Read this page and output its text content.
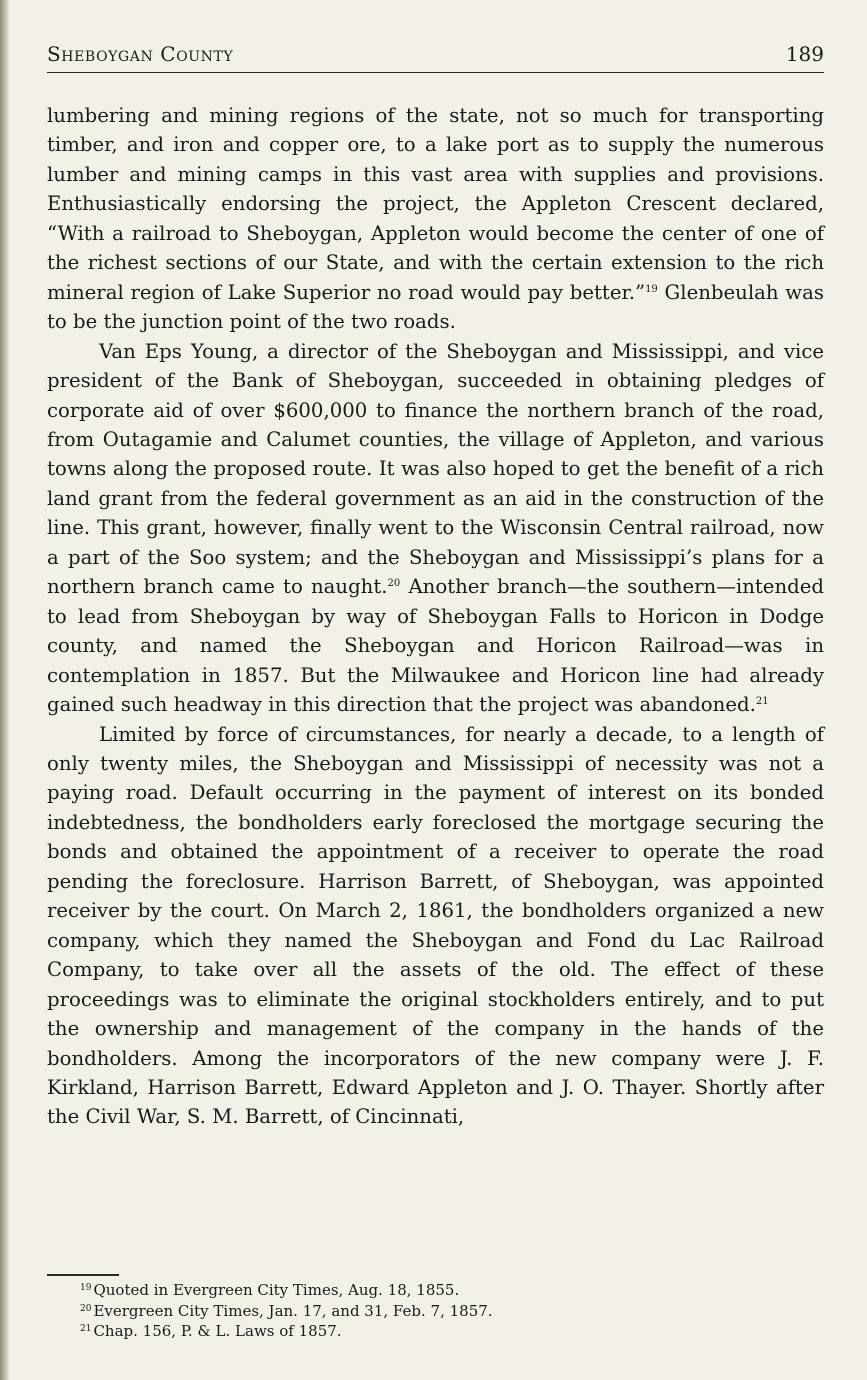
Sheboygan County	189

lumbering and mining regions of the state, not so much for transporting timber, and iron and copper ore, to a lake port as to supply the numerous lumber and mining camps in this vast area with supplies and provisions. Enthusiastically endorsing the project, the Appleton Crescent declared, “With a railroad to Sheboygan, Appleton would become the center of one of the richest sections of our State, and with the certain extension to the rich mineral region of Lake Superior no road would pay better.”$^{19}$ Glenbeulah was to be the junction point of the two roads.

Van Eps Young, a director of the Sheboygan and Mississippi, and vice president of the Bank of Sheboygan, succeeded in obtaining pledges of corporate aid of over $600,000 to finance the northern branch of the road, from Outagamie and Calumet counties, the village of Appleton, and various towns along the proposed route. It was also hoped to get the benefit of a rich land grant from the federal government as an aid in the construction of the line. This grant, however, finally went to the Wisconsin Central railroad, now a part of the Soo system; and the Sheboygan and Mississippi’s plans for a northern branch came to naught.$^{20}$ Another branch—the southern—intended to lead from Sheboygan by way of Sheboygan Falls to Horicon in Dodge county, and named the Sheboygan and Horicon Railroad—was in contemplation in 1857. But the Milwaukee and Horicon line had already gained such headway in this direction that the project was abandoned.$^{21}$

Limited by force of circumstances, for nearly a decade, to a length of only twenty miles, the Sheboygan and Mississippi of necessity was not a paying road. Default occurring in the payment of interest on its bonded indebtedness, the bondholders early foreclosed the mortgage securing the bonds and obtained the appointment of a receiver to operate the road pending the foreclosure. Harrison Barrett, of Sheboygan, was appointed receiver by the court. On March 2, 1861, the bondholders organized a new company, which they named the Sheboygan and Fond du Lac Railroad Company, to take over all the assets of the old. The effect of these proceedings was to eliminate the original stockholders entirely, and to put the ownership and management of the company in the hands of the bondholders. Among the incorporators of the new company were J. F. Kirkland, Harrison Barrett, Edward Appleton and J. O. Thayer. Shortly after the Civil War, S. M. Barrett, of Cincinnati,

$^{19}$ Quoted in Evergreen City Times, Aug. 18, 1855.
$^{20}$ Evergreen City Times, Jan. 17, and 31, Feb. 7, 1857.
$^{21}$ Chap. 156, P. & L. Laws of 1857.
